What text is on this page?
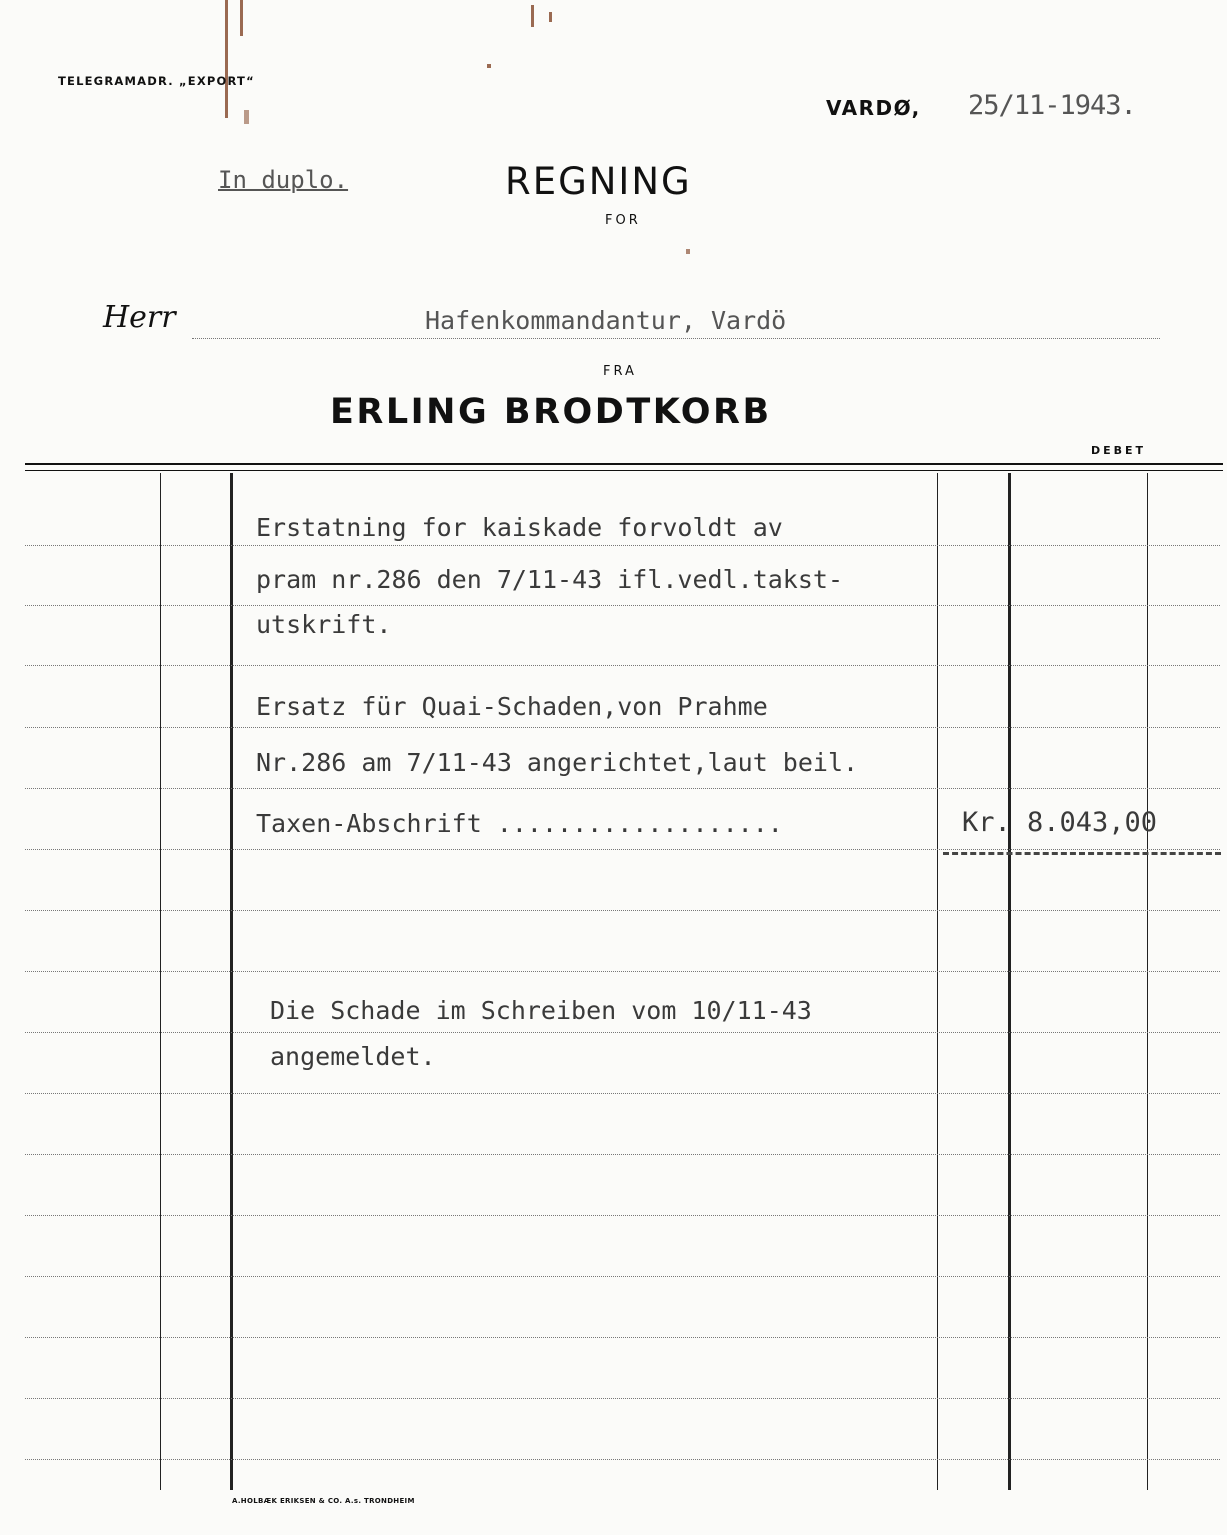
TELEGRAMADR. „EXPORT“
VARDØ, 25/11-1943.
In duplo.	REGNING
FOR
Herr	Hafenkommandantur, Vardö
FRA
ERLING BRODTKORB
DEBET
Erstatning for kaiskade forvoldt av
pram nr.286 den 7/11-43 ifl.vedl.takst-
utskrift.
Ersatz für Quai-Schaden,von Prahme
Nr.286 am 7/11-43 angerichtet,laut beil.
Taxen-Abschrift ...................	Kr. 8.043,00
Die Schade im Schreiben vom 10/11-43
angemeldet.
A.HOLBÆK ERIKSEN & CO. A.s. TRONDHEIM
